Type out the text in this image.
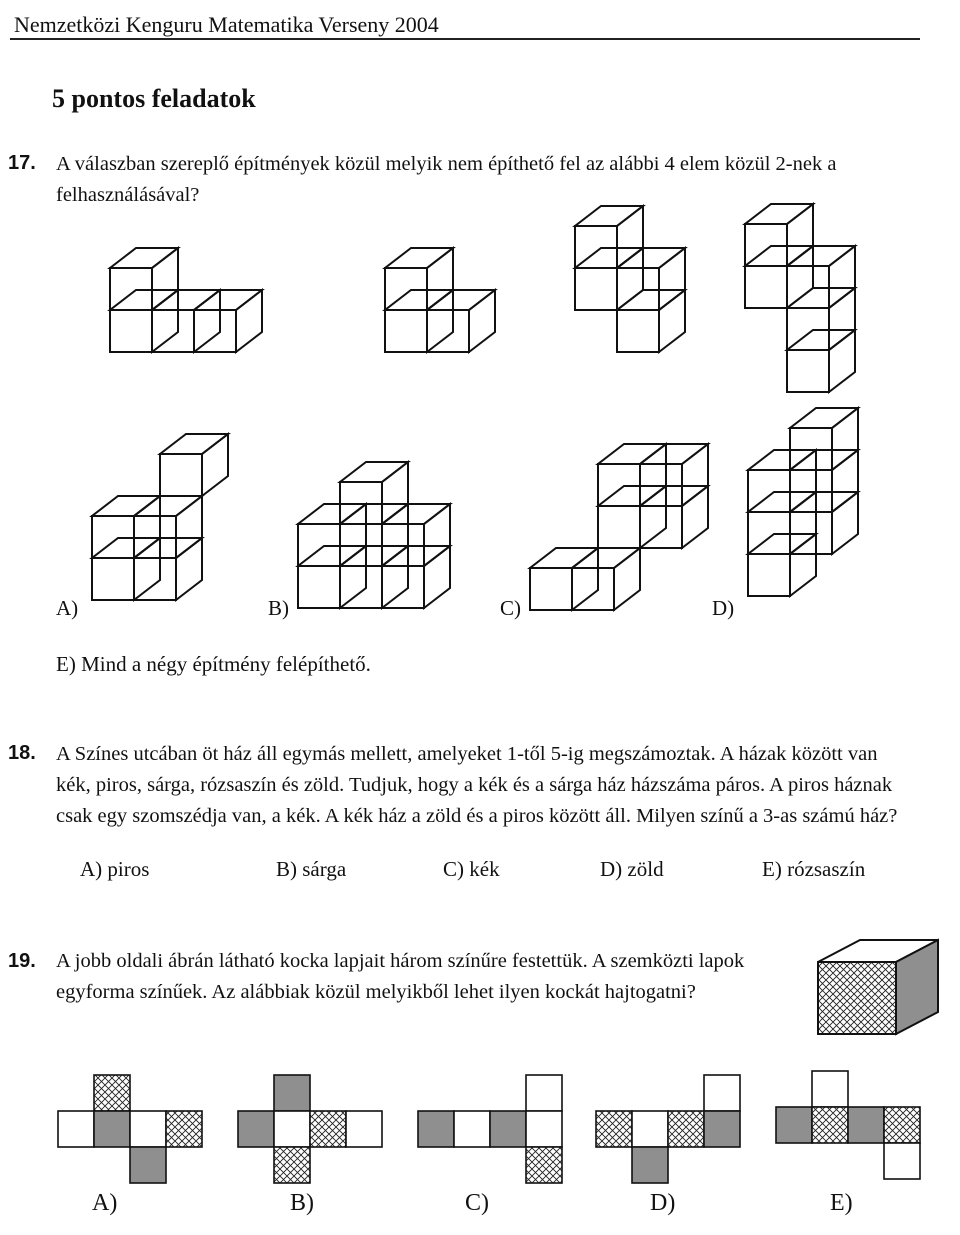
Nemzetközi Kenguru Matematika Verseny 2004
5 pontos feladatok
17. A válaszban szereplő építmények közül melyik nem építhető fel az alábbi 4 elem közül 2-nek a felhasználásával?
A)	B)	C)	D)
E) Mind a négy építmény felépíthető.
18. A Színes utcában öt ház áll egymás mellett, amelyeket 1-től 5-ig megszámoztak. A házak között van kék, piros, sárga, rózsaszín és zöld. Tudjuk, hogy a kék és a sárga ház házszáma páros. A piros háznak csak egy szomszédja van, a kék. A kék ház a zöld és a piros között áll. Milyen színű a 3-as számú ház?
A) piros	B) sárga	C) kék	D) zöld	E) rózsaszín
19. A jobb oldali ábrán látható kocka lapjait három színűre festettük. A szemközti lapok egyforma színűek. Az alábbiak közül melyikből lehet ilyen kockát hajtogatni?
A)	B)	C)	D)	E)
